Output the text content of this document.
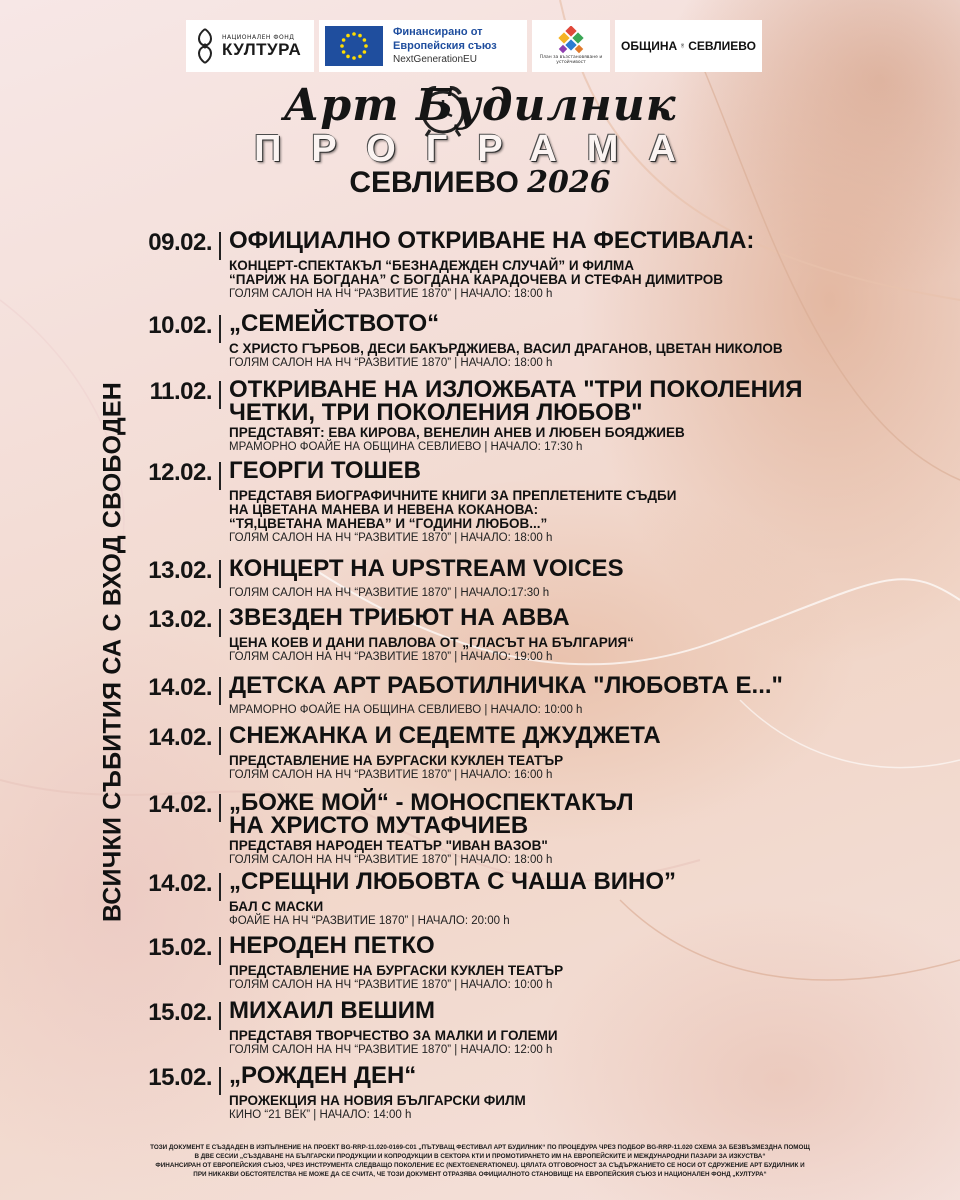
НАЦИОНАЛЕН ФОНД
КУЛТУРА
Финансирано от
Европейския съюз
NextGenerationEU	План за възстановяване и устойчивост
ОБЩИНА СЕВЛИЕВО
Арт Будилник
ПРОГРАМА
СЕВЛИЕВО 2026
ВСИЧКИ СЪБИТИЯ СА С ВХОД СВОБОДЕН
09.02. ОФИЦИАЛНО ОТКРИВАНЕ НА ФЕСТИВАЛА:
КОНЦЕРТ-СПЕКТАКЪЛ “БЕЗНАДЕЖДЕН СЛУЧАЙ” И ФИЛМА
“ПАРИЖ НА БОГДАНА” С БОГДАНА КАРАДОЧЕВА И СТЕФАН ДИМИТРОВ
ГОЛЯМ САЛОН НА НЧ “РАЗВИТИЕ 1870” | НАЧАЛО: 18:00 h
10.02. „СЕМЕЙСТВОТО“
С ХРИСТО ГЪРБОВ, ДЕСИ БАКЪРДЖИЕВА, ВАСИЛ ДРАГАНОВ, ЦВЕТАН НИКОЛОВ
ГОЛЯМ САЛОН НА НЧ “РАЗВИТИЕ 1870” | НАЧАЛО: 18:00 h
11.02. ОТКРИВАНЕ НА ИЗЛОЖБАТА "ТРИ ПОКОЛЕНИЯ
ЧЕТКИ, ТРИ ПОКОЛЕНИЯ ЛЮБОВ"
ПРЕДСТАВЯТ: ЕВА КИРОВА, ВЕНЕЛИН АНЕВ И ЛЮБЕН БОЯДЖИЕВ
МРАМОРНО ФОАЙЕ НА ОБЩИНА СЕВЛИЕВО | НАЧАЛО: 17:30 h
12.02. ГЕОРГИ ТОШЕВ
ПРЕДСТАВЯ БИОГРАФИЧНИТЕ КНИГИ ЗА ПРЕПЛЕТЕНИТЕ СЪДБИ
НА ЦВЕТАНА МАНЕВА И НЕВЕНА КОКАНОВА:
“ТЯ,ЦВЕТАНА МАНЕВА” И “ГОДИНИ ЛЮБОВ...”
ГОЛЯМ САЛОН НА НЧ “РАЗВИТИЕ 1870” | НАЧАЛО: 18:00 h
13.02. КОНЦЕРТ НА UPSTREAM VOICES
ГОЛЯМ САЛОН НА НЧ “РАЗВИТИЕ 1870” | НАЧАЛО:17:30 h
13.02. ЗВЕЗДЕН ТРИБЮТ НА АВВА
ЦЕНА КОЕВ И ДАНИ ПАВЛОВА ОТ „ГЛАСЪТ НА БЪЛГАРИЯ“
ГОЛЯМ САЛОН НА НЧ “РАЗВИТИЕ 1870” | НАЧАЛО: 19:00 h
14.02. ДЕТСКА АРТ РАБОТИЛНИЧКА "ЛЮБОВТА Е..."
МРАМОРНО ФОАЙЕ НА ОБЩИНА СЕВЛИЕВО | НАЧАЛО: 10:00 h
14.02. СНЕЖАНКА И СЕДЕМТЕ ДЖУДЖЕТА
ПРЕДСТАВЛЕНИЕ НА БУРГАСКИ КУКЛЕН ТЕАТЪР
ГОЛЯМ САЛОН НА НЧ “РАЗВИТИЕ 1870” | НАЧАЛО: 16:00 h
14.02. „БОЖЕ МОЙ“ - МОНОСПЕКТАКЪЛ
НА ХРИСТО МУТАФЧИЕВ
ПРЕДСТАВЯ НАРОДЕН ТЕАТЪР "ИВАН ВАЗОВ"
ГОЛЯМ САЛОН НА НЧ “РАЗВИТИЕ 1870” | НАЧАЛО: 18:00 h
14.02. „СРЕЩНИ ЛЮБОВТА С ЧАША ВИНО”
БАЛ С МАСКИ
ФОАЙЕ НА НЧ “РАЗВИТИЕ 1870” | НАЧАЛО: 20:00 h
15.02. НЕРОДЕН ПЕТКО
ПРЕДСТАВЛЕНИЕ НА БУРГАСКИ КУКЛЕН ТЕАТЪР
ГОЛЯМ САЛОН НА НЧ “РАЗВИТИЕ 1870” | НАЧАЛО: 10:00 h
15.02. МИХАИЛ ВЕШИМ
ПРЕДСТАВЯ ТВОРЧЕСТВО ЗА МАЛКИ И ГОЛЕМИ
ГОЛЯМ САЛОН НА НЧ “РАЗВИТИЕ 1870” | НАЧАЛО: 12:00 h
15.02. „РОЖДЕН ДЕН“
ПРОЖЕКЦИЯ НА НОВИЯ БЪЛГАРСКИ ФИЛМ
КИНО “21 ВЕК” | НАЧАЛО: 14:00 h
ТОЗИ ДОКУМЕНТ Е СЪЗДАДЕН В ИЗПЪЛНЕНИЕ НА ПРОЕКТ BG-RRP-11.020-0169-C01 „ПЪТУВАЩ ФЕСТИВАЛ АРТ БУДИЛНИК“ ПО ПРОЦЕДУРА ЧРЕЗ ПОДБОР BG-RRP-11.020 СХЕМА ЗА БЕЗВЪЗМЕЗДНА ПОМОЩ
В ДВЕ СЕСИИ „СЪЗДАВАНЕ НА БЪЛГАРСКИ ПРОДУКЦИИ И КОПРОДУКЦИИ В СЕКТОРА КТИ И ПРОМОТИРАНЕТО ИМ НА ЕВРОПЕЙСКИТЕ И МЕЖДУНАРОДНИ ПАЗАРИ ЗА ИЗКУСТВА“
ФИНАНСИРАН ОТ ЕВРОПЕЙСКИЯ СЪЮЗ, ЧРЕЗ ИНСТРУМЕНТА СЛЕДВАЩО ПОКОЛЕНИЕ ЕС (NEXTGENERATIONEU). ЦЯЛАТА ОТГОВОРНОСТ ЗА СЪДЪРЖАНИЕТО СЕ НОСИ ОТ СДРУЖЕНИЕ АРТ БУДИЛНИК И
ПРИ НИКАКВИ ОБСТОЯТЕЛСТВА НЕ МОЖЕ ДА СЕ СЧИТА, ЧЕ ТОЗИ ДОКУМЕНТ ОТРАЗЯВА ОФИЦИАЛНОТО СТАНОВИЩЕ НА ЕВРОПЕЙСКИЯ СЪЮЗ И НАЦИОНАЛЕН ФОНД „КУЛТУРА“
